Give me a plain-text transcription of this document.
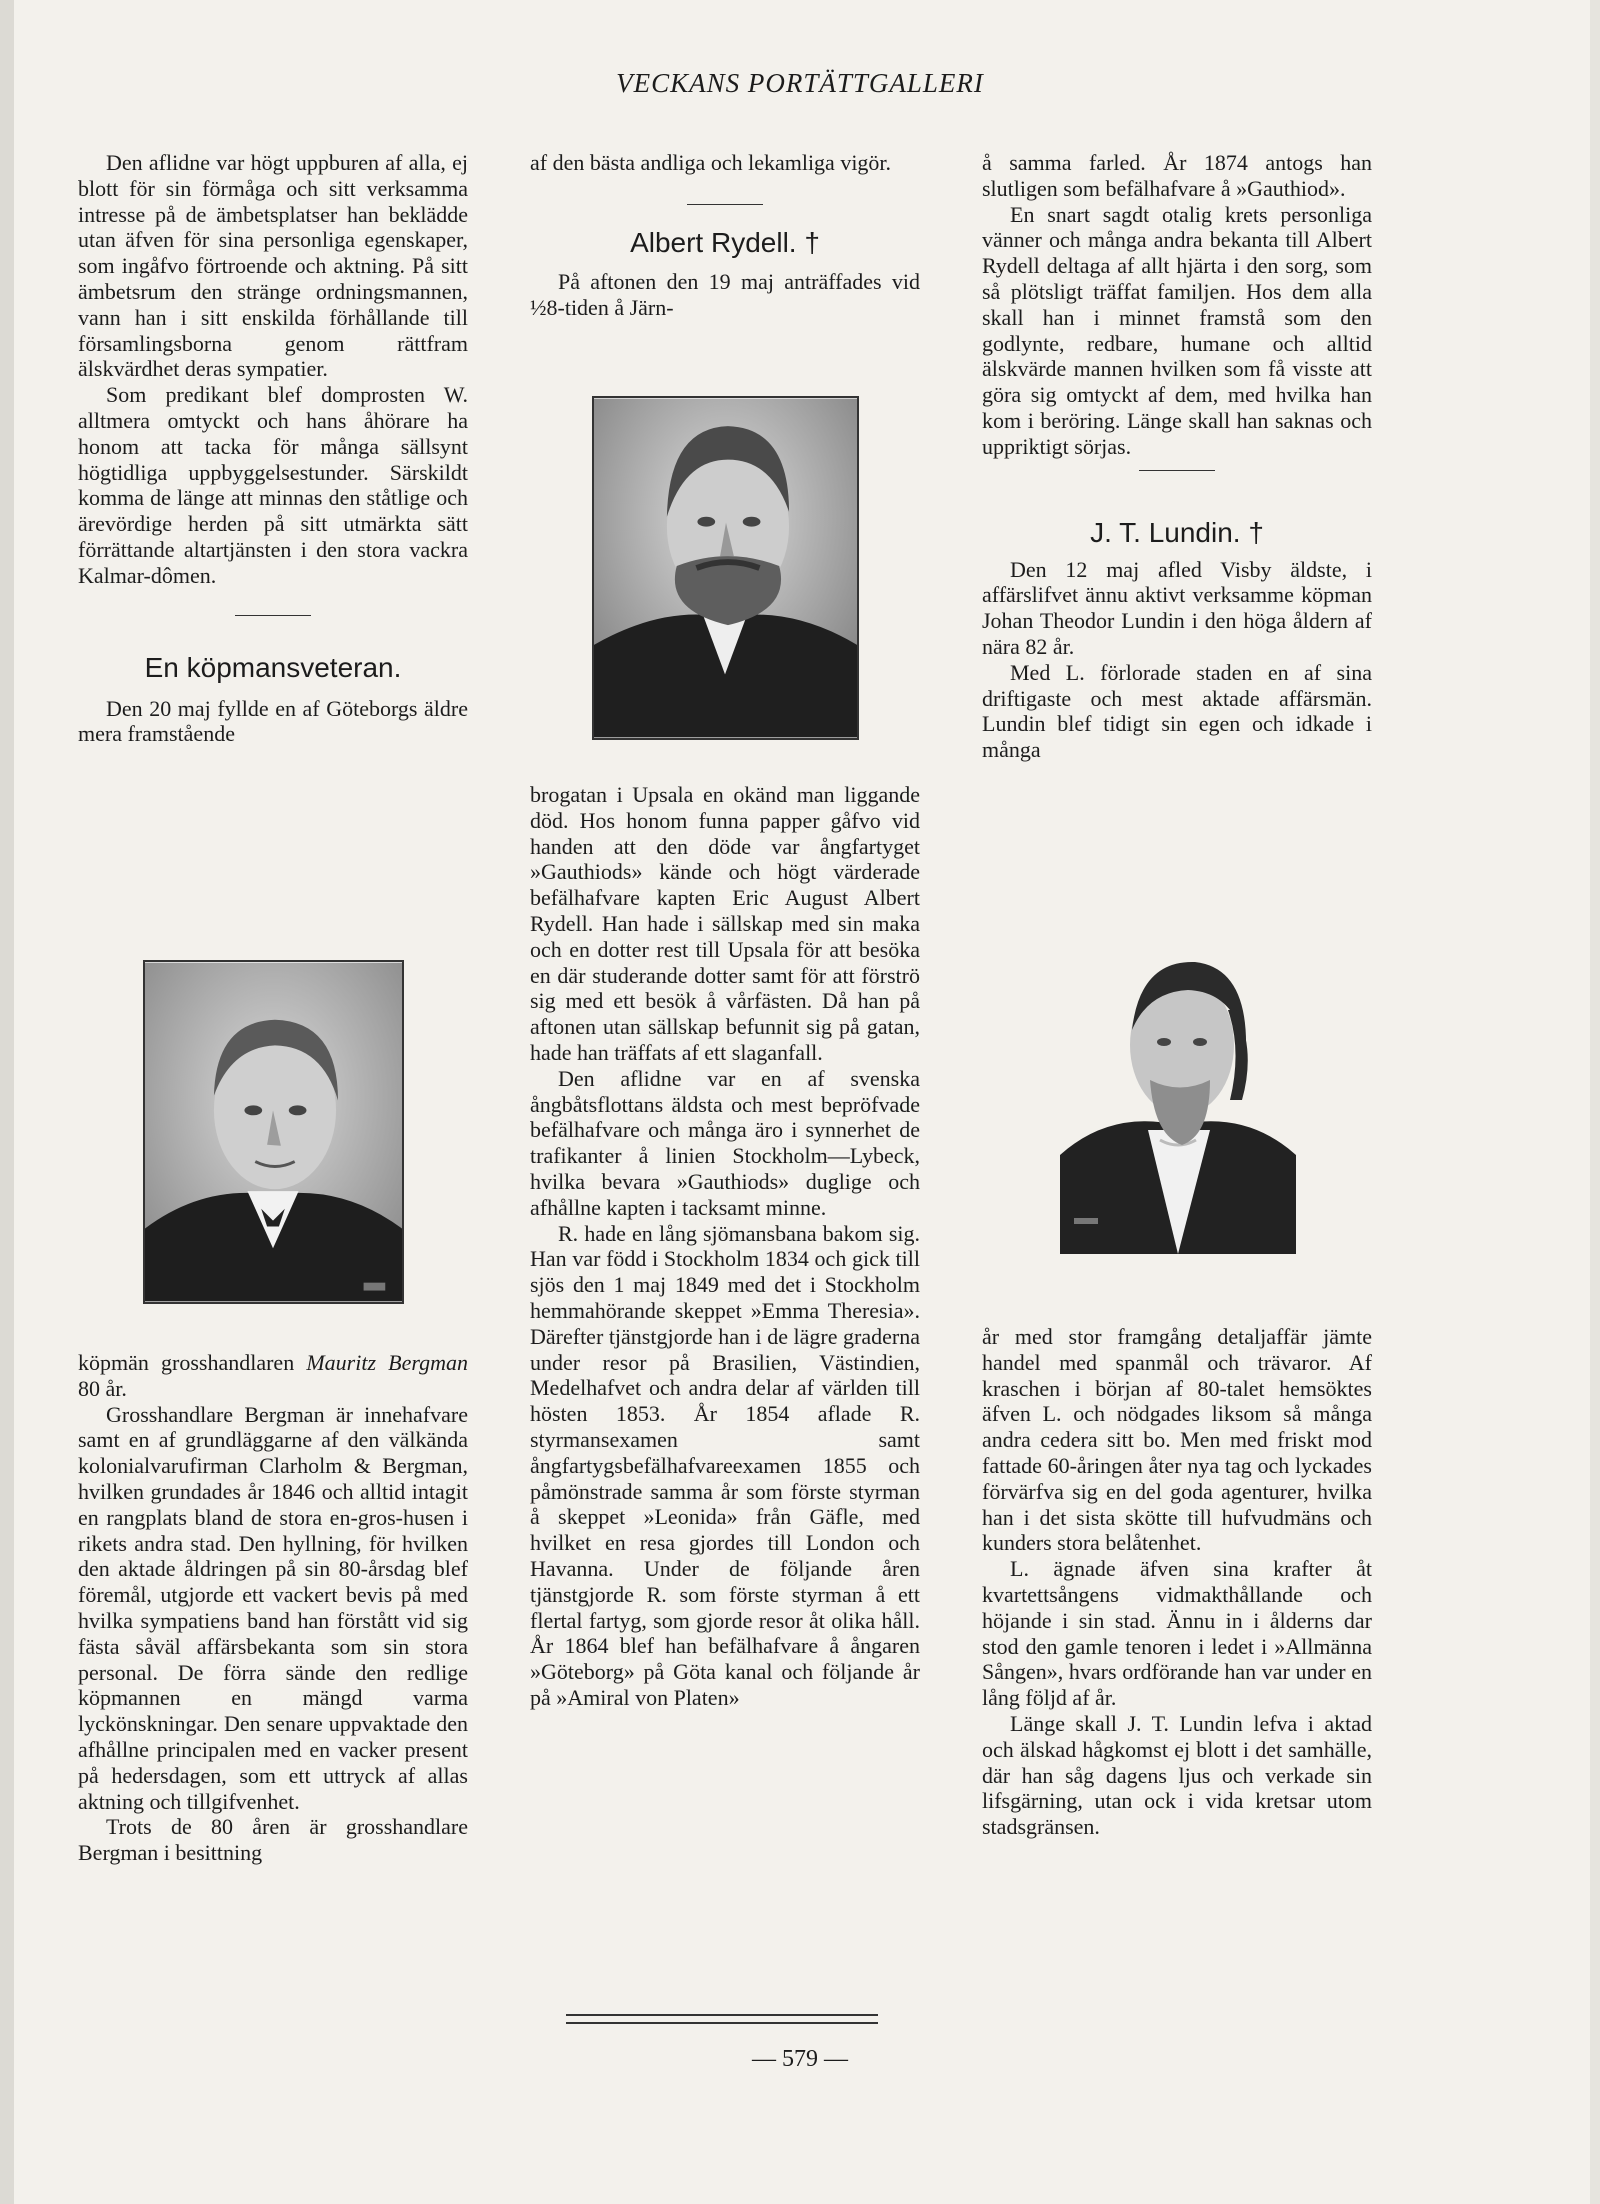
VECKANS PORTÄTTGALLERI

Den aflidne var högt uppburen af alla, ej blott för sin förmåga och sitt verksamma intresse på de ämbetsplatser han beklädde utan äfven för sina personliga egenskaper, som ingåfvo förtroende och aktning. På sitt ämbetsrum den stränge ordningsmannen, vann han i sitt enskilda förhållande till församlingsborna genom rättfram älskvärdhet deras sympatier.

Som predikant blef domprosten W. alltmera omtyckt och hans åhörare ha honom att tacka för många sällsynt högtidliga uppbyggelsestunder. Särskildt komma de länge att minnas den ståtlige och ärevördige herden på sitt utmärkta sätt förrättande altartjänsten i den stora vackra Kalmar-dômen.

En köpmansveteran.

Den 20 maj fyllde en af Göteborgs äldre mera framstående

köpmän grosshandlaren Mauritz Bergman 80 år.

Grosshandlare Bergman är innehafvare samt en af grundläggarne af den välkända kolonialvarufirman Clarholm & Bergman, hvilken grundades år 1846 och alltid intagit en rangplats bland de stora en-gros-husen i rikets andra stad. Den hyllning, för hvilken den aktade åldringen på sin 80-årsdag blef föremål, utgjorde ett vackert bevis på med hvilka sympatiens band han förstått vid sig fästa såväl affärsbekanta som sin stora personal. De förra sände den redlige köpmannen en mängd varma lyckönskningar. Den senare uppvaktade den afhållne principalen med en vacker present på hedersdagen, som ett uttryck af allas aktning och tillgifvenhet.

Trots de 80 åren är grosshandlare Bergman i besittning

af den bästa andliga och lekamliga vigör.

Albert Rydell. †

På aftonen den 19 maj anträffades vid ½8-tiden å Järn-

brogatan i Upsala en okänd man liggande död. Hos honom funna papper gåfvo vid handen att den döde var ångfartyget »Gauthiods» kände och högt värderade befälhafvare kapten Eric August Albert Rydell. Han hade i sällskap med sin maka och en dotter rest till Upsala för att besöka en där studerande dotter samt för att förströ sig med ett besök å vårfästen. Då han på aftonen utan sällskap befunnit sig på gatan, hade han träffats af ett slaganfall.

Den aflidne var en af svenska ångbåtsflottans äldsta och mest bepröfvade befälhafvare och många äro i synnerhet de trafikanter å linien Stockholm—Lybeck, hvilka bevara »Gauthiods» duglige och afhållne kapten i tacksamt minne.

R. hade en lång sjömansbana bakom sig. Han var född i Stockholm 1834 och gick till sjös den 1 maj 1849 med det i Stockholm hemmahörande skeppet »Emma Theresia». Därefter tjänstgjorde han i de lägre graderna under resor på Brasilien, Västindien, Medelhafvet och andra delar af världen till hösten 1853. År 1854 aflade R. styrmansexamen samt ångfartygsbefälhafvareexamen 1855 och påmönstrade samma år som förste styrman å skeppet »Leonida» från Gäfle, med hvilket en resa gjordes till London och Havanna. Under de följande åren tjänstgjorde R. som förste styrman å ett flertal fartyg, som gjorde resor åt olika håll. År 1864 blef han befälhafvare å ångaren »Göteborg» på Göta kanal och följande år på »Amiral von Platen»

å samma farled. År 1874 antogs han slutligen som befälhafvare å »Gauthiod».

En snart sagdt otalig krets personliga vänner och många andra bekanta till Albert Rydell deltaga af allt hjärta i den sorg, som så plötsligt träffat familjen. Hos dem alla skall han i minnet framstå som den godlynte, redbare, humane och alltid älskvärde mannen hvilken som få visste att göra sig omtyckt af dem, med hvilka han kom i beröring. Länge skall han saknas och uppriktigt sörjas.

J. T. Lundin. †

Den 12 maj afled Visby äldste, i affärslifvet ännu aktivt verksamme köpman Johan Theodor Lundin i den höga åldern af nära 82 år.

Med L. förlorade staden en af sina driftigaste och mest aktade affärsmän. Lundin blef tidigt sin egen och idkade i många

år med stor framgång detaljaffär jämte handel med spanmål och trävaror. Af kraschen i början af 80-talet hemsöktes äfven L. och nödgades liksom så många andra cedera sitt bo. Men med friskt mod fattade 60-åringen åter nya tag och lyckades förvärfva sig en del goda agenturer, hvilka han i det sista skötte till hufvudmäns och kunders stora belåtenhet.

L. ägnade äfven sina krafter åt kvartettsångens vidmakthållande och höjande i sin stad. Ännu in i ålderns dar stod den gamle tenoren i ledet i »Allmänna Sången», hvars ordförande han var under en lång följd af år.

Länge skall J. T. Lundin lefva i aktad och älskad hågkomst ej blott i det samhälle, där han såg dagens ljus och verkade sin lifsgärning, utan ock i vida kretsar utom stadsgränsen.

— 579 —
